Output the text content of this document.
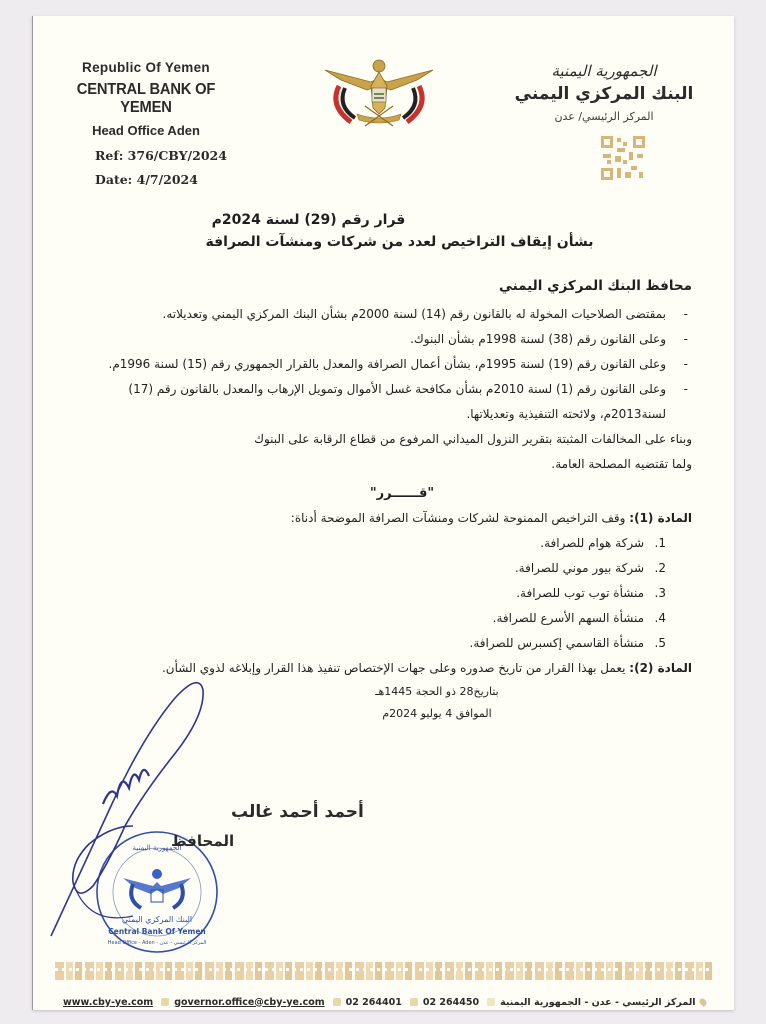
Republic Of Yemen
CENTRAL BANK OF YEMEN
Head Office Aden
Ref: 376/CBY/2024
Date: 4/7/2024
الجمهورية اليمنية
البنك المركزي اليمني
المركز الرئيسي/ عدن
قرار رقم (29) لسنة 2024م
بشأن إيقاف التراخيص لعدد من شركات ومنشآت الصرافة
محافظ البنك المركزي اليمني
-
بمقتضى الصلاحيات المخولة له بالقانون رقم (14) لسنة 2000م بشأن البنك المركزي اليمني وتعديلاته.
-
وعلى القانون رقم (38) لسنة 1998م بشأن البنوك.
-
وعلى القانون رقم (19) لسنة 1995م، بشأن أعمال الصرافة والمعدل بالقرار الجمهوري رقم (15) لسنة 1996م.
-
وعلى القانون رقم (1) لسنة 2010م بشأن مكافحة غسل الأموال وتمويل الإرهاب والمعدل بالقانون رقم (17) لسنة2013م، ولائحته التنفيذية وتعديلاتها.
وبناء على المخالفات المثبتة بتقرير النزول الميداني المرفوع من قطاع الرقابة على البنوك
ولما تقتضيه المصلحة العامة.
"قــــــرر"
المادة (1): وقف التراخيص الممنوحة لشركات ومنشآت الصرافة الموضحة أدناة:
1.
شركة هوام للصرافة.
2.
شركة بيور موني للصرافة.
3.
منشأة توب توب للصرافة.
4.
منشأة السهم الأسرع للصرافة.
5.
منشأة القاسمي إكسبرس للصرافة.
المادة (2): يعمل بهذا القرار من تاريخ صدوره وعلى جهات الإختصاص تنفيذ هذا القرار وإبلاغه لذوي الشأن.
بتاريخ28 ذو الحجة 1445هـ
الموافق 4 يوليو 2024م
البنك المركزي اليمني
Central Bank Of Yemen
Head Office - Aden · المركز الرئيسي - عدن
الجمهورية اليمنية
أحمد أحمد غالب
المحافظ
www.cby-ye.com governor.office@cby-ye.com 02 264401 02 264450 المركز الرئيسي - عدن - الجمهورية اليمنية
